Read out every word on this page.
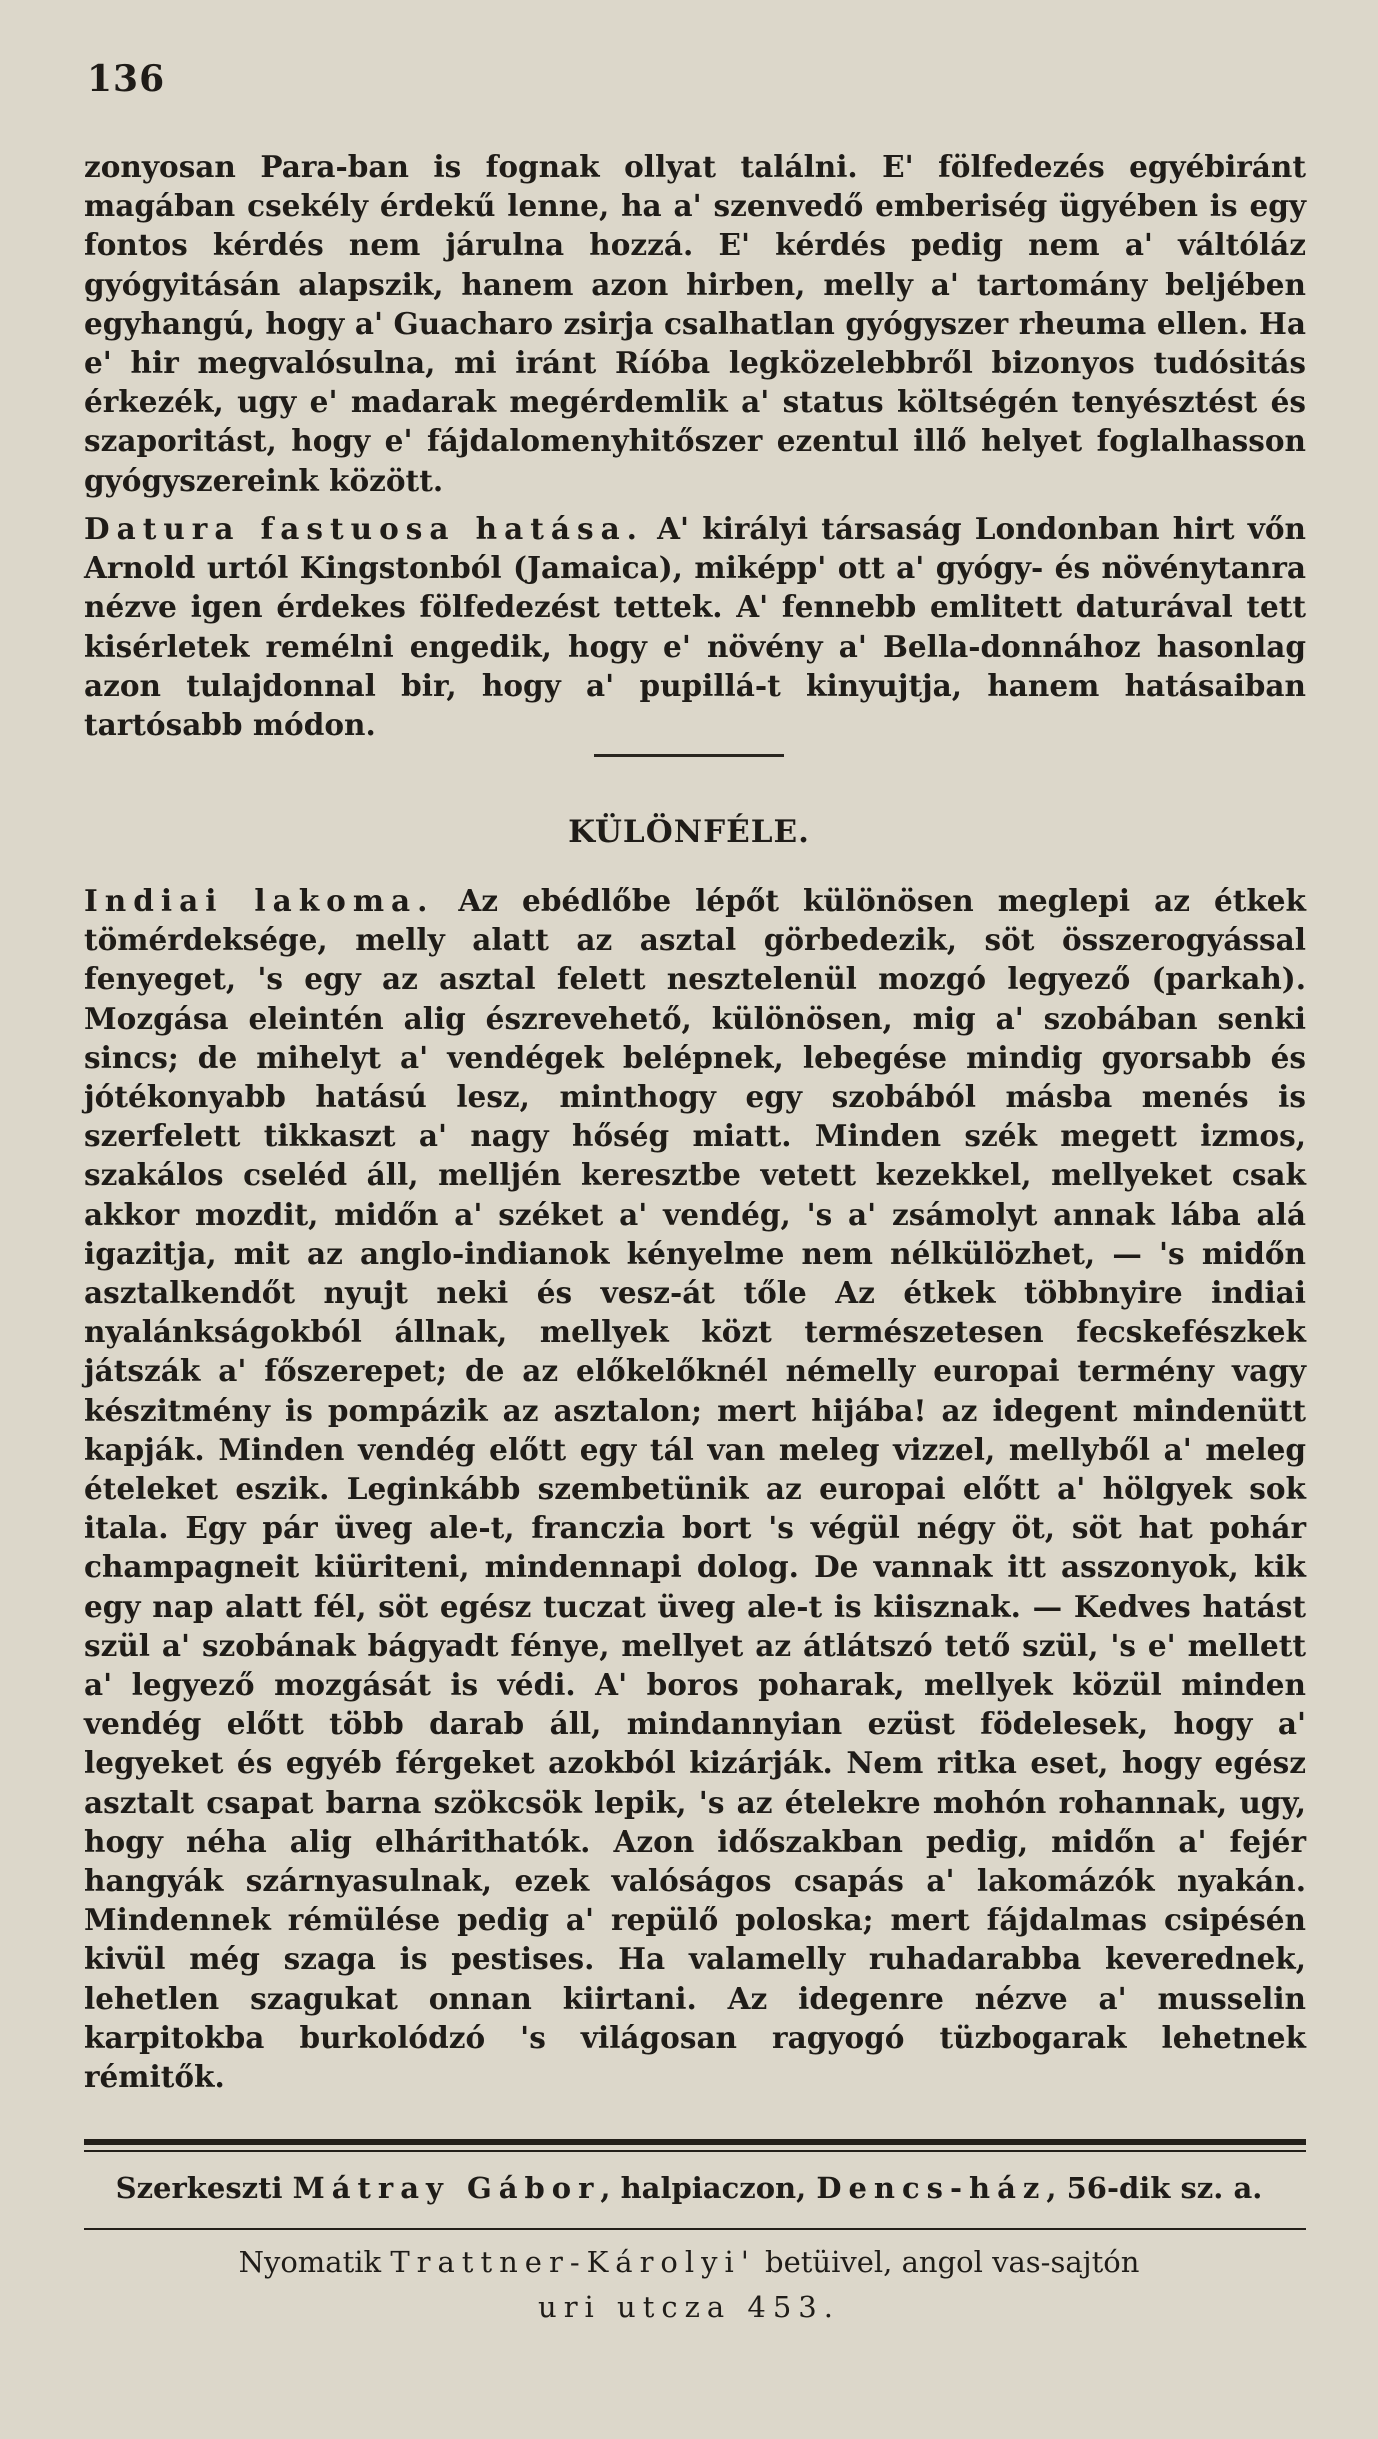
136

zonyosan Para-ban is fognak ollyat találni. E' fölfedezés egyébiránt magában csekély érdekű lenne, ha a' szenvedő emberiség ügyében is egy fontos kérdés nem járulna hozzá. E' kérdés pedig nem a' váltóláz gyógyitásán alapszik, hanem azon hirben, melly a' tartomány beljében egyhangú, hogy a' Guacharo zsirja csalhatlan gyógyszer rheuma ellen. Ha e' hir megvalósulna, mi iránt Ríóba legközelebbről bizonyos tudósitás érkezék, ugy e' madarak megérdemlik a' status költségén tenyésztést és szaporitást, hogy e' fájdalomenyhitőszer ezentul illő helyet foglalhasson gyógyszereink között.

Datura fastuosa hatása. A' királyi társaság Londonban hirt vőn Arnold urtól Kingstonból (Jamaica), miképp' ott a' gyógy- és növénytanra nézve igen érdekes fölfedezést tettek. A' fennebb emlitett daturával tett kisérletek remélni engedik, hogy e' növény a' Bella-donnához hasonlag azon tulajdonnal bir, hogy a' pupillá-t kinyujtja, hanem hatásaiban tartósabb módon.

KÜLÖNFÉLE.

Indiai lakoma. Az ebédlőbe lépőt különösen meglepi az étkek tömérdeksége, melly alatt az asztal görbedezik, söt összerogyással fenyeget, 's egy az asztal felett nesztelenül mozgó legyező (parkah). Mozgása eleintén alig észrevehető, különösen, mig a' szobában senki sincs; de mihelyt a' vendégek belépnek, lebegése mindig gyorsabb és jótékonyabb hatású lesz, minthogy egy szobából másba menés is szerfelett tikkaszt a' nagy hőség miatt. Minden szék megett izmos, szakálos cseléd áll, melljén keresztbe vetett kezekkel, mellyeket csak akkor mozdit, midőn a' széket a' vendég, 's a' zsámolyt annak lába alá igazitja, mit az anglo-indianok kényelme nem nélkülözhet, — 's midőn asztalkendőt nyujt neki és vesz-át tőle Az étkek többnyire indiai nyalánkságokból állnak, mellyek közt természetesen fecskefészkek játszák a' főszerepet; de az előkelőknél némelly europai termény vagy készitmény is pompázik az asztalon; mert hijába! az idegent mindenütt kapják. Minden vendég előtt egy tál van meleg vizzel, mellyből a' meleg ételeket eszik. Leginkább szembetünik az europai előtt a' hölgyek sok itala. Egy pár üveg ale-t, franczia bort 's végül négy öt, söt hat pohár champagneit kiüriteni, mindennapi dolog. De vannak itt asszonyok, kik egy nap alatt fél, söt egész tuczat üveg ale-t is kiisznak. — Kedves hatást szül a' szobának bágyadt fénye, mellyet az átlátszó tető szül, 's e' mellett a' legyező mozgását is védi. A' boros poharak, mellyek közül minden vendég előtt több darab áll, mindannyian ezüst födelesek, hogy a' legyeket és egyéb férgeket azokból kizárják. Nem ritka eset, hogy egész asztalt csapat barna szökcsök lepik, 's az ételekre mohón rohannak, ugy, hogy néha alig elhárithatók. Azon időszakban pedig, midőn a' fejér hangyák szárnyasulnak, ezek valóságos csapás a' lakomázók nyakán. Mindennek rémülése pedig a' repülő poloska; mert fájdalmas csipésén kivül még szaga is pestises. Ha valamelly ruhadarabba keverednek, lehetlen szagukat onnan kiirtani. Az idegenre nézve a' musselin karpitokba burkolódzó 's világosan ragyogó tüzbogarak lehetnek rémitők.

Szerkeszti Mátray Gábor, halpiaczon, Dencs-ház, 56-dik sz. a.
Nyomatik Trattner-Károlyi' betüivel, angol vas-sajtón
uri utcza 453.
